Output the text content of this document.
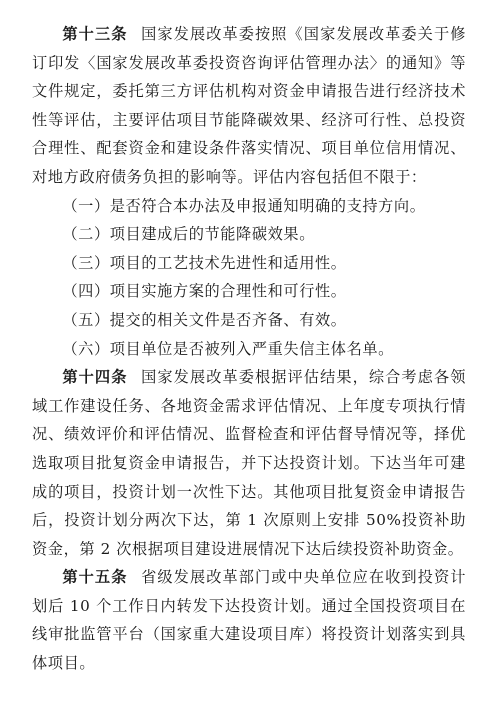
第十三条 国家发展改革委按照《国家发展改革委关于修订印发〈国家发展改革委投资咨询评估管理办法〉的通知》等文件规定，委托第三方评估机构对资金申请报告进行经济技术性等评估，主要评估项目节能降碳效果、经济可行性、总投资合理性、配套资金和建设条件落实情况、项目单位信用情况、对地方政府债务负担的影响等。评估内容包括但不限于：

（一）是否符合本办法及申报通知明确的支持方向。

（二）项目建成后的节能降碳效果。

（三）项目的工艺技术先进性和适用性。

（四）项目实施方案的合理性和可行性。

（五）提交的相关文件是否齐备、有效。

（六）项目单位是否被列入严重失信主体名单。

第十四条 国家发展改革委根据评估结果，综合考虑各领域工作建设任务、各地资金需求评估情况、上年度专项执行情况、绩效评价和评估情况、监督检查和评估督导情况等，择优选取项目批复资金申请报告，并下达投资计划。下达当年可建成的项目，投资计划一次性下达。其他项目批复资金申请报告后，投资计划分两次下达，第 1 次原则上安排 50%投资补助资金，第 2 次根据项目建设进展情况下达后续投资补助资金。

第十五条 省级发展改革部门或中央单位应在收到投资计划后 10 个工作日内转发下达投资计划。通过全国投资项目在线审批监管平台（国家重大建设项目库）将投资计划落实到具体项目。
